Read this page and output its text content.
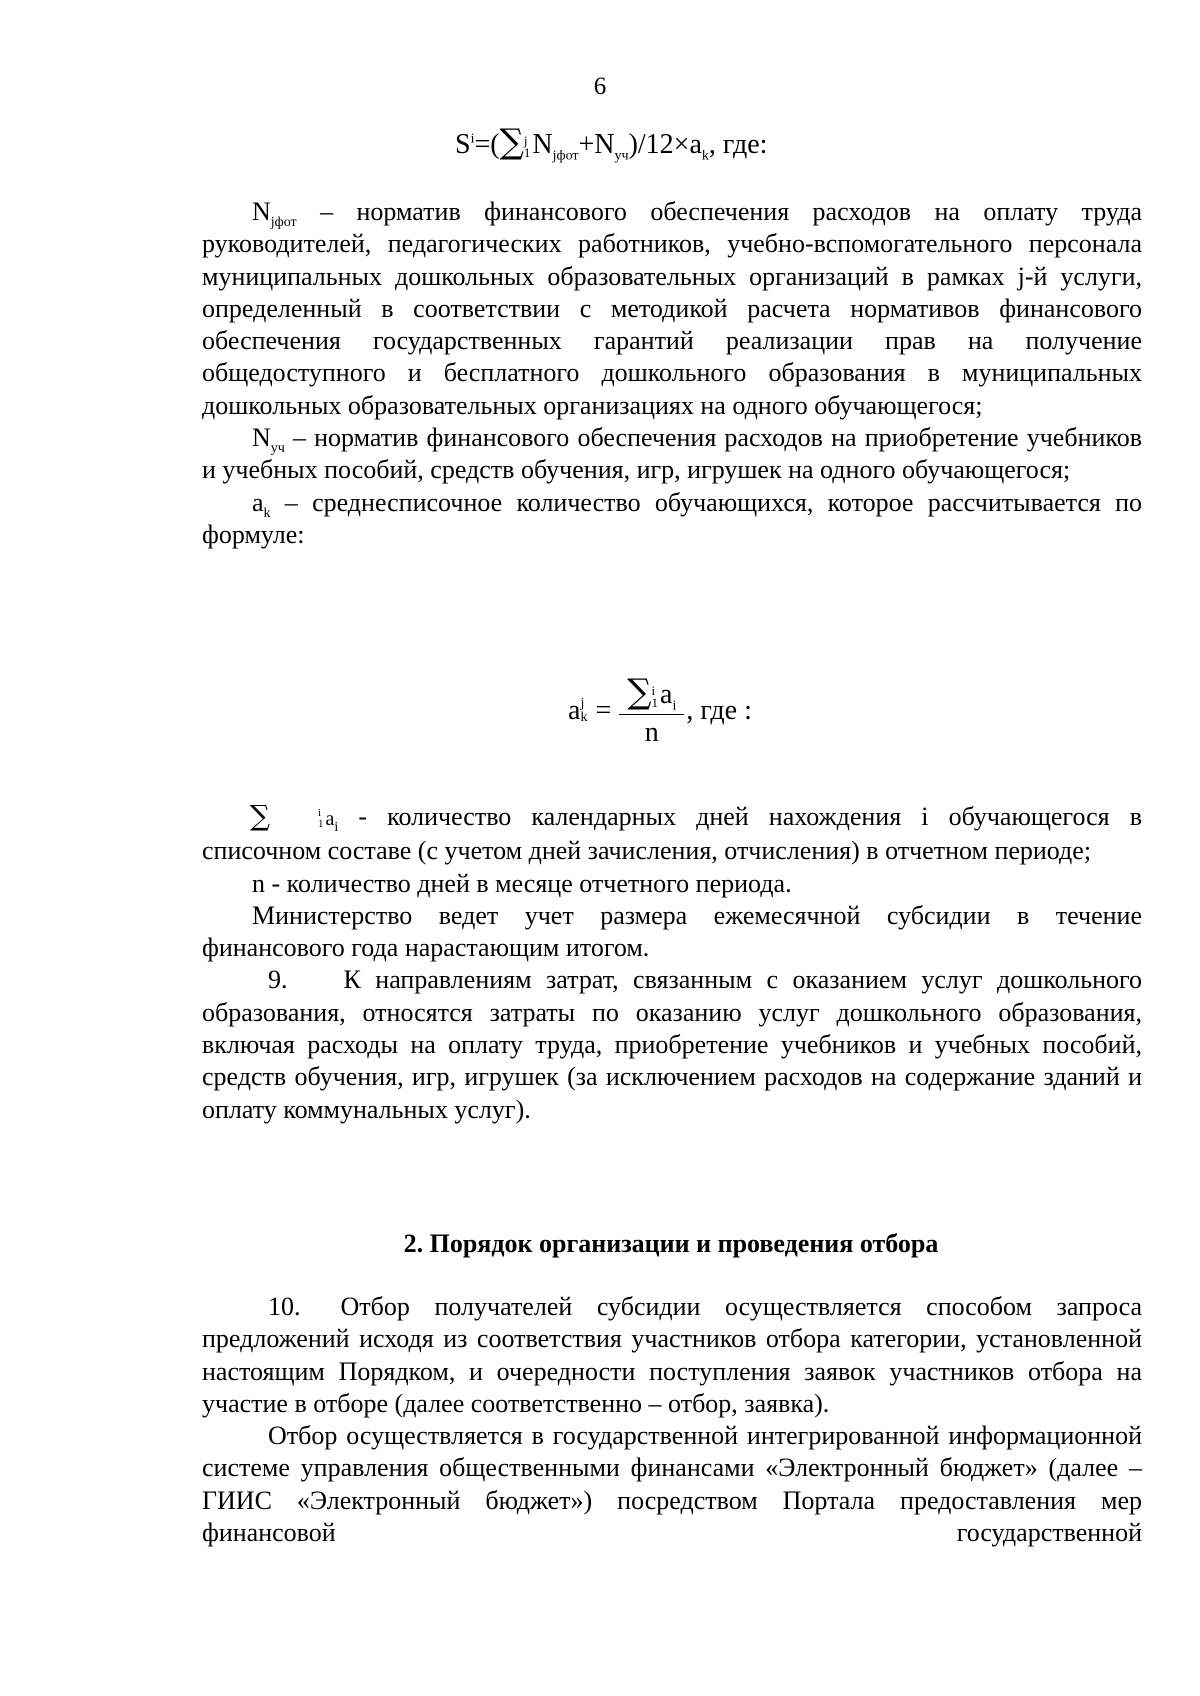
6
$S^i=(\sum$ j
1 $N_{jфот}+N_{уч})/12\times a_k$, где:

$N_{jфот}$ – норматив финансового обеспечения расходов на оплату труда руководителей, педагогических работников, учебно-вспомогательного персонала муниципальных дошкольных образовательных организаций в рамках j-й услуги, определенный в соответствии с методикой расчета нормативов финансового обеспечения государственных гарантий реализации прав на получение общедоступного и бесплатного дошкольного образования в муниципальных дошкольных образовательных организациях на одного обучающегося;

$N_{уч}$ – норматив финансового обеспечения расходов на приобретение учебников и учебных пособий, средств обучения, игр, игрушек на одного обучающегося;

$a_k$ – среднесписочное количество обучающихся, которое рассчитывается по формуле:

a j
k = ∑ i
1 $a_i$
n , где :

∑	i
1 $a_i$ - количество календарных дней нахождения i обучающегося в списочном составе (с учетом дней зачисления, отчисления) в отчетном периоде;

n - количество дней в месяце отчетного периода.

Министерство ведет учет размера ежемесячной субсидии в течение финансового года нарастающим итогом.

9. К направлениям затрат, связанным с оказанием услуг дошкольного образования, относятся затраты по оказанию услуг дошкольного образования, включая расходы на оплату труда, приобретение учебников и учебных пособий, средств обучения, игр, игрушек (за исключением расходов на содержание зданий и оплату коммунальных услуг).

2. Порядок организации и проведения отбора

10. Отбор получателей субсидии осуществляется способом запроса предложений исходя из соответствия участников отбора категории, установленной настоящим Порядком, и очередности поступления заявок участников отбора на участие в отборе (далее соответственно – отбор, заявка).

Отбор осуществляется в государственной интегрированной информационной системе управления общественными финансами «Электронный бюджет» (далее – ГИИС «Электронный бюджет») посредством Портала предоставления мер финансовой государственной
